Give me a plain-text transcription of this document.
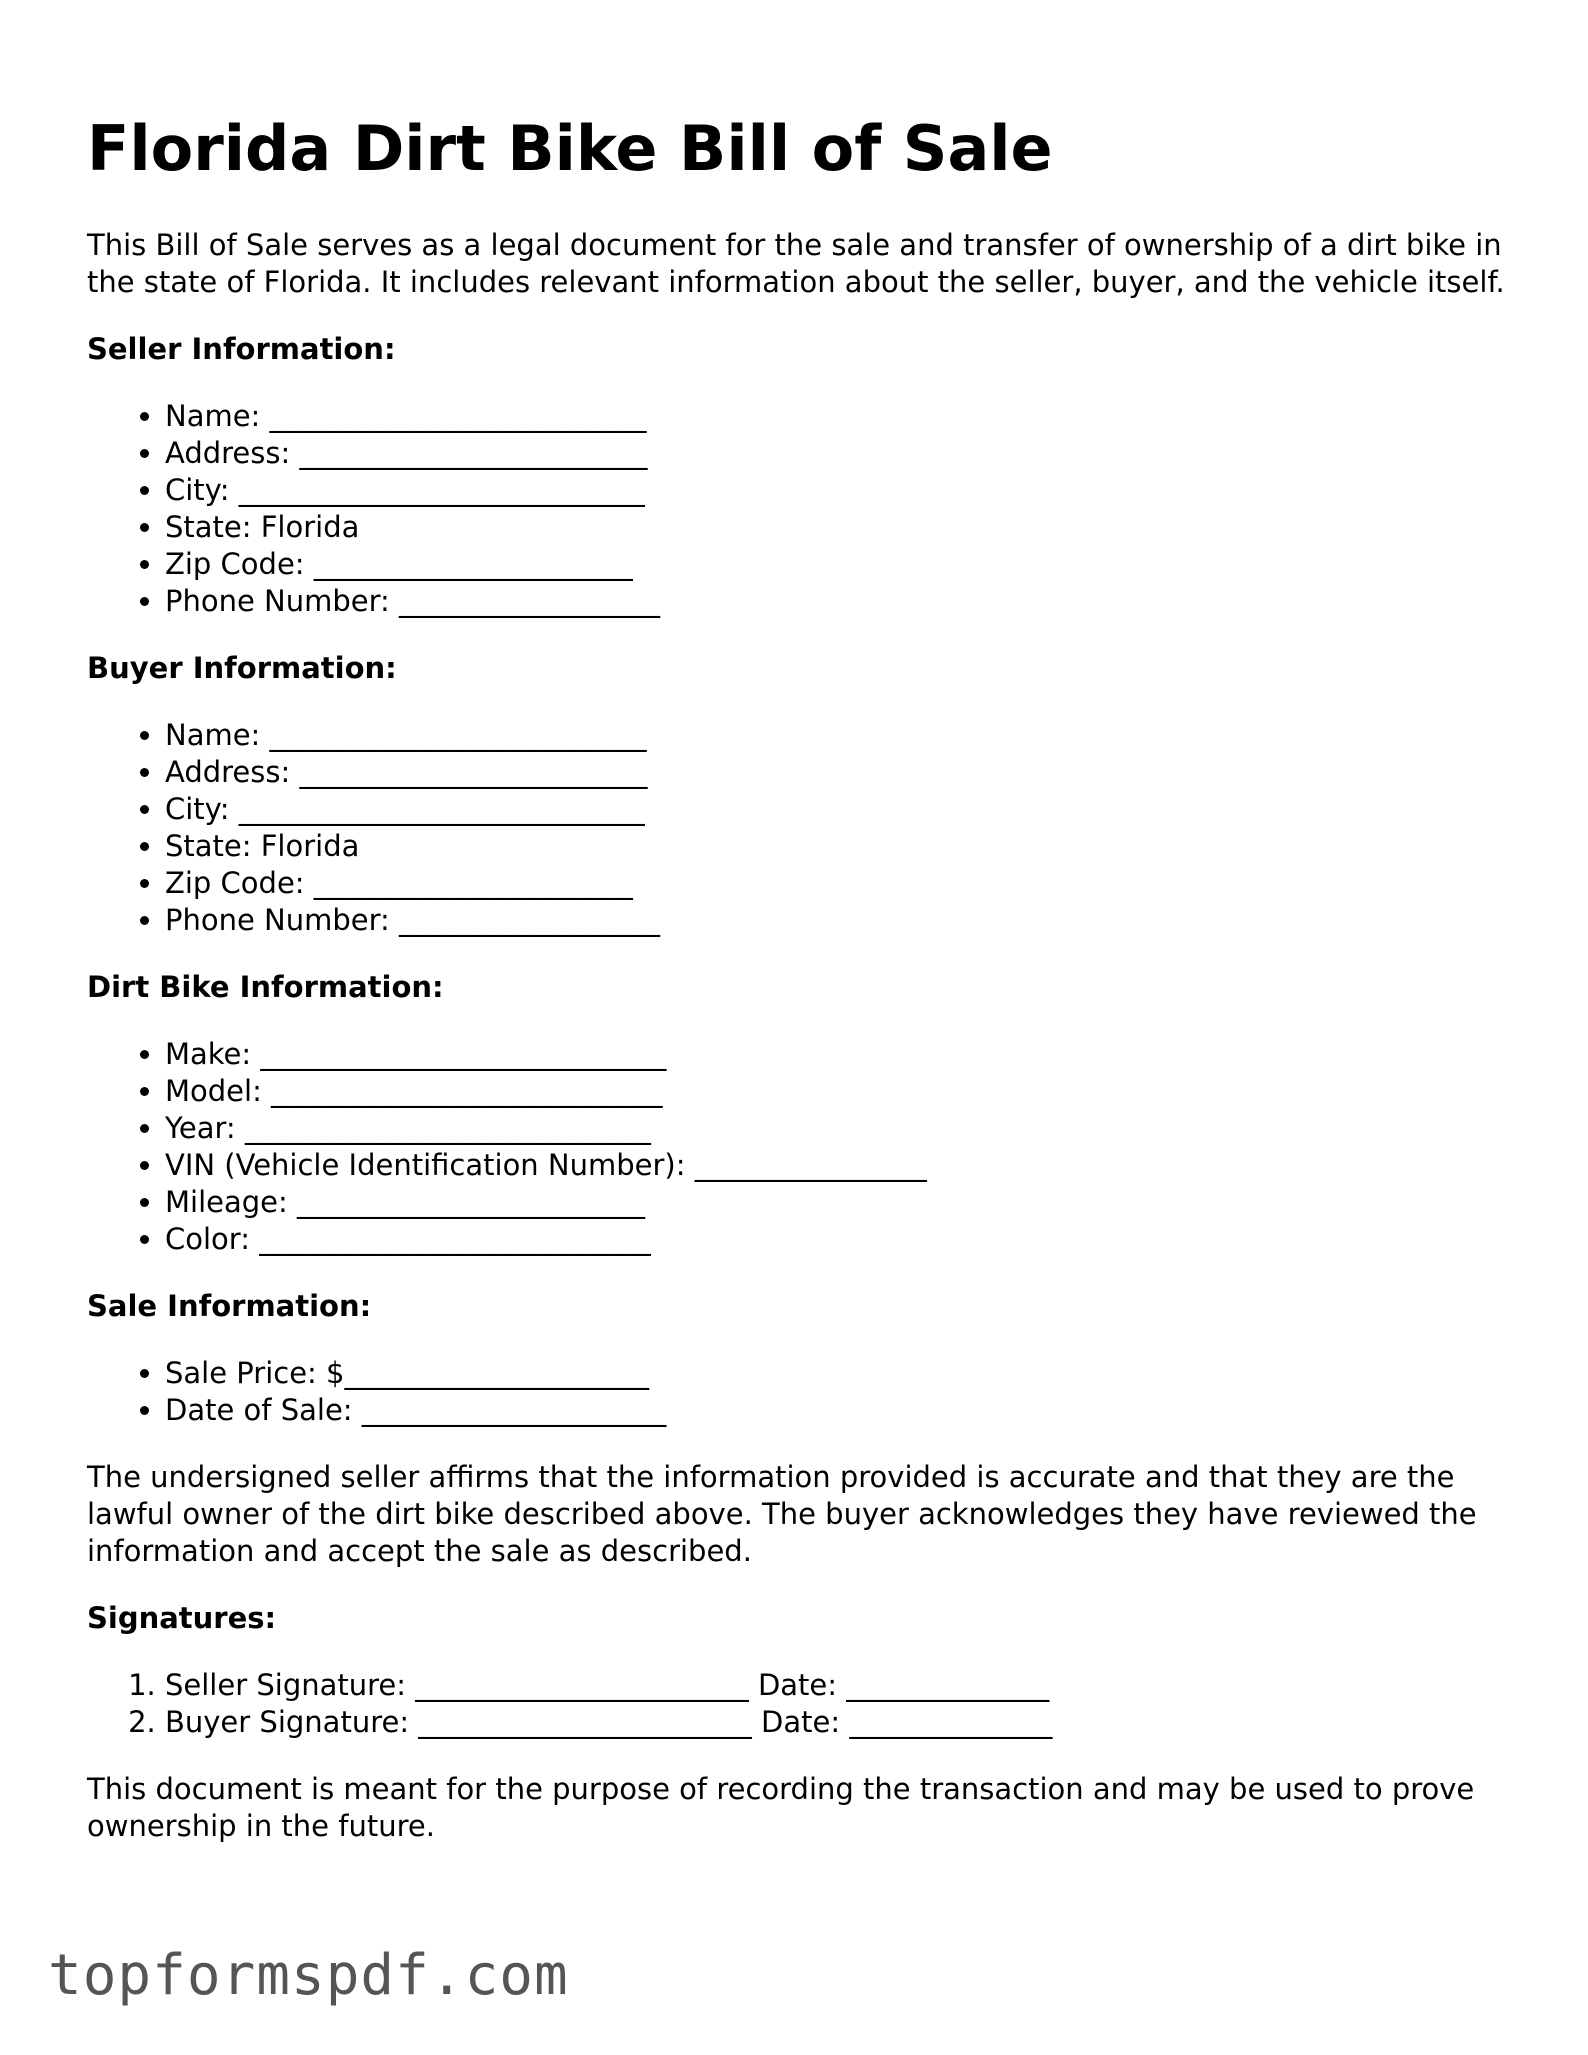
Florida Dirt Bike Bill of Sale

This Bill of Sale serves as a legal document for the sale and transfer of ownership of a dirt bike in the state of Florida. It includes relevant information about the seller, buyer, and the vehicle itself.

Seller Information:
• Name: __________________________
• Address: ________________________
• City: ____________________________
• State: Florida
• Zip Code: ______________________
• Phone Number: __________________
Buyer Information:
• Name: __________________________
• Address: ________________________
• City: ____________________________
• State: Florida
• Zip Code: ______________________
• Phone Number: __________________
Dirt Bike Information:
• Make: ____________________________
• Model: ___________________________
• Year: ____________________________
• VIN (Vehicle Identification Number): ________________
• Mileage: ________________________
• Color: ___________________________
Sale Information:
• Sale Price: $_____________________
• Date of Sale: _____________________

The undersigned seller affirms that the information provided is accurate and that they are the lawful owner of the dirt bike described above. The buyer acknowledges they have reviewed the information and accept the sale as described.

Signatures:
1. Seller Signature: _______________________ Date: ______________
2. Buyer Signature: _______________________ Date: ______________

This document is meant for the purpose of recording the transaction and may be used to prove ownership in the future.

topformspdf.com
